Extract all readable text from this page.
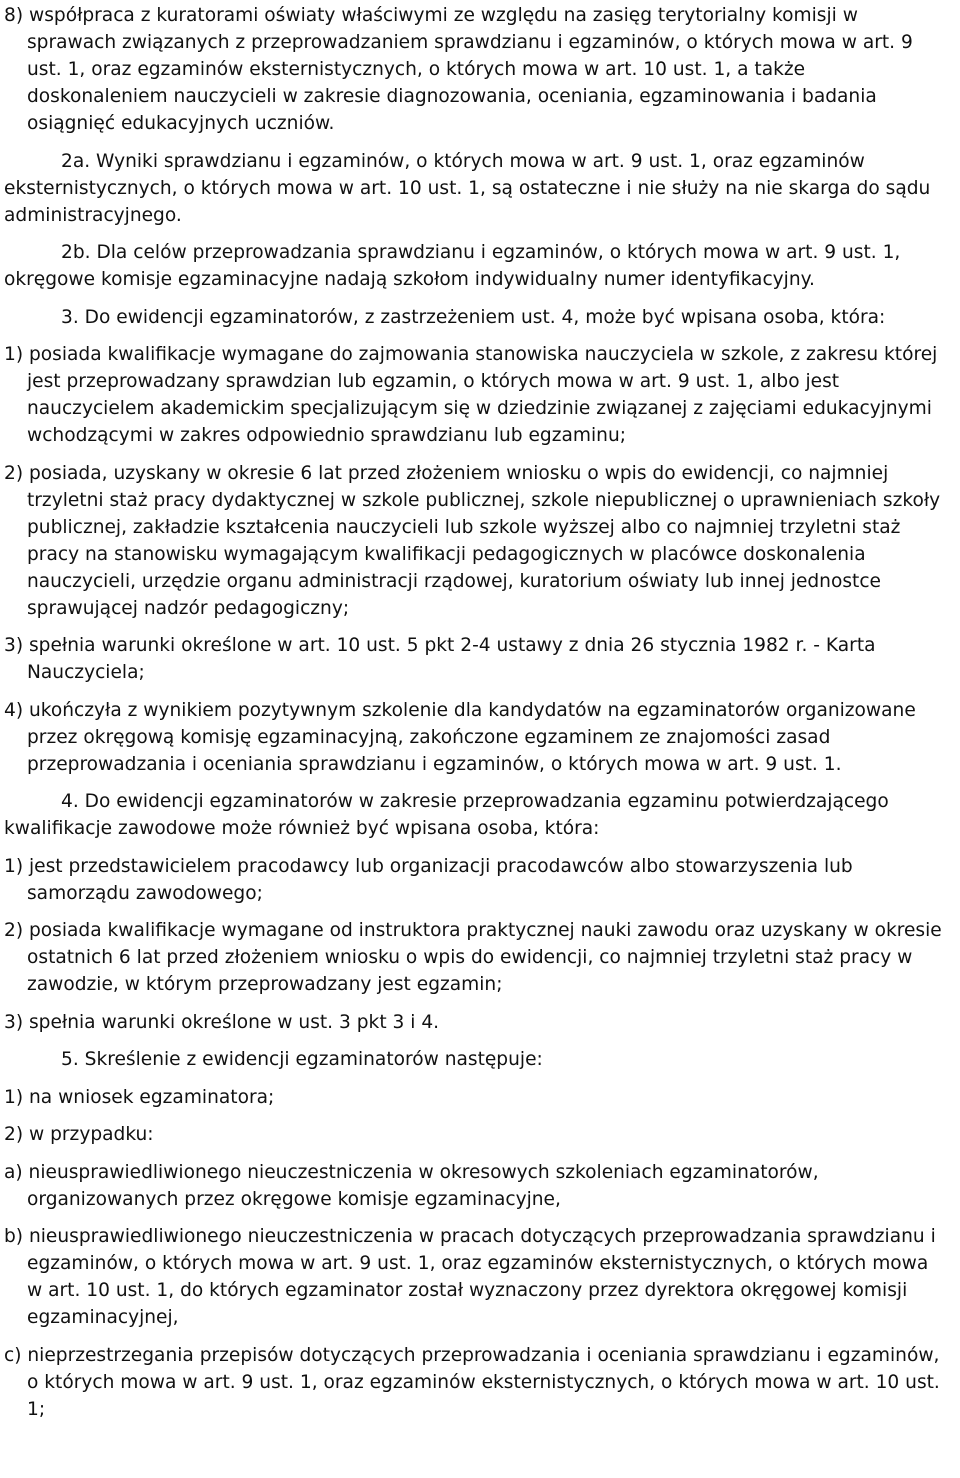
8) współpraca z kuratorami oświaty właściwymi ze względu na zasięg terytorialny komisji w sprawach związanych z przeprowadzaniem sprawdzianu i egzaminów, o których mowa w art. 9 ust. 1, oraz egzaminów eksternistycznych, o których mowa w art. 10 ust. 1, a także doskonaleniem nauczycieli w zakresie diagnozowania, oceniania, egzaminowania i badania osiągnięć edukacyjnych uczniów.

2a. Wyniki sprawdzianu i egzaminów, o których mowa w art. 9 ust. 1, oraz egzaminów eksternistycznych, o których mowa w art. 10 ust. 1, są ostateczne i nie służy na nie skarga do sądu administracyjnego.

2b. Dla celów przeprowadzania sprawdzianu i egzaminów, o których mowa w art. 9 ust. 1, okręgowe komisje egzaminacyjne nadają szkołom indywidualny numer identyfikacyjny.

3. Do ewidencji egzaminatorów, z zastrzeżeniem ust. 4, może być wpisana osoba, która:

1) posiada kwalifikacje wymagane do zajmowania stanowiska nauczyciela w szkole, z zakresu której jest przeprowadzany sprawdzian lub egzamin, o których mowa w art. 9 ust. 1, albo jest nauczycielem akademickim specjalizującym się w dziedzinie związanej z zajęciami edukacyjnymi wchodzącymi w zakres odpowiednio sprawdzianu lub egzaminu;

2) posiada, uzyskany w okresie 6 lat przed złożeniem wniosku o wpis do ewidencji, co najmniej trzyletni staż pracy dydaktycznej w szkole publicznej, szkole niepublicznej o uprawnieniach szkoły publicznej, zakładzie kształcenia nauczycieli lub szkole wyższej albo co najmniej trzyletni staż pracy na stanowisku wymagającym kwalifikacji pedagogicznych w placówce doskonalenia nauczycieli, urzędzie organu administracji rządowej, kuratorium oświaty lub innej jednostce sprawującej nadzór pedagogiczny;

3) spełnia warunki określone w art. 10 ust. 5 pkt 2-4 ustawy z dnia 26 stycznia 1982 r. - Karta Nauczyciela;

4) ukończyła z wynikiem pozytywnym szkolenie dla kandydatów na egzaminatorów organizowane przez okręgową komisję egzaminacyjną, zakończone egzaminem ze znajomości zasad przeprowadzania i oceniania sprawdzianu i egzaminów, o których mowa w art. 9 ust. 1.

4. Do ewidencji egzaminatorów w zakresie przeprowadzania egzaminu potwierdzającego kwalifikacje zawodowe może również być wpisana osoba, która:

1) jest przedstawicielem pracodawcy lub organizacji pracodawców albo stowarzyszenia lub samorządu zawodowego;

2) posiada kwalifikacje wymagane od instruktora praktycznej nauki zawodu oraz uzyskany w okresie ostatnich 6 lat przed złożeniem wniosku o wpis do ewidencji, co najmniej trzyletni staż pracy w zawodzie, w którym przeprowadzany jest egzamin;

3) spełnia warunki określone w ust. 3 pkt 3 i 4.

5. Skreślenie z ewidencji egzaminatorów następuje:

1) na wniosek egzaminatora;

2) w przypadku:

a) nieusprawiedliwionego nieuczestniczenia w okresowych szkoleniach egzaminatorów, organizowanych przez okręgowe komisje egzaminacyjne,

b) nieusprawiedliwionego nieuczestniczenia w pracach dotyczących przeprowadzania sprawdzianu i egzaminów, o których mowa w art. 9 ust. 1, oraz egzaminów eksternistycznych, o których mowa w art. 10 ust. 1, do których egzaminator został wyznaczony przez dyrektora okręgowej komisji egzaminacyjnej,

c) nieprzestrzegania przepisów dotyczących przeprowadzania i oceniania sprawdzianu i egzaminów, o których mowa w art. 9 ust. 1, oraz egzaminów eksternistycznych, o których mowa w art. 10 ust. 1;
